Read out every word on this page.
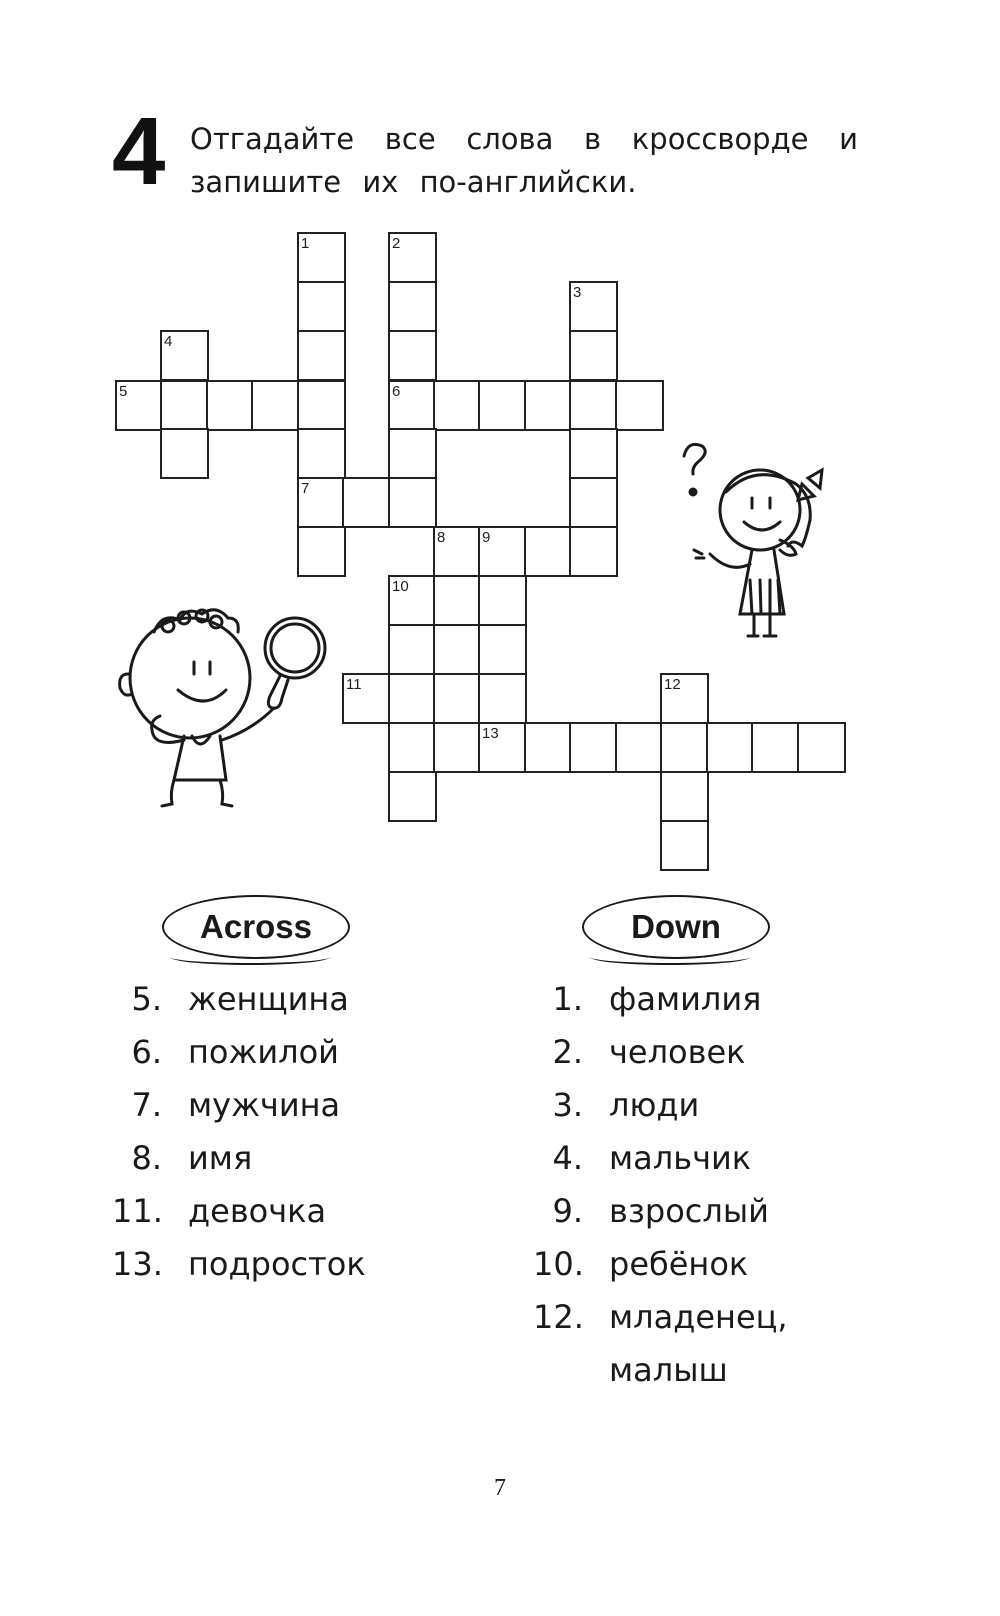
4 Отгадайте все слова в кроссворде и
запишите их по-английски.
1	2
3
4
5	6
7
8 9
10
11	12
13
Across	Down
5. женщина
6. пожилой
7. мужчина
8. имя
11. девочка
13. подросток
1. фамилия
2. человек
3. люди
4. мальчик
9. взрослый
10. ребёнок
12. младенец,
малыш
7
